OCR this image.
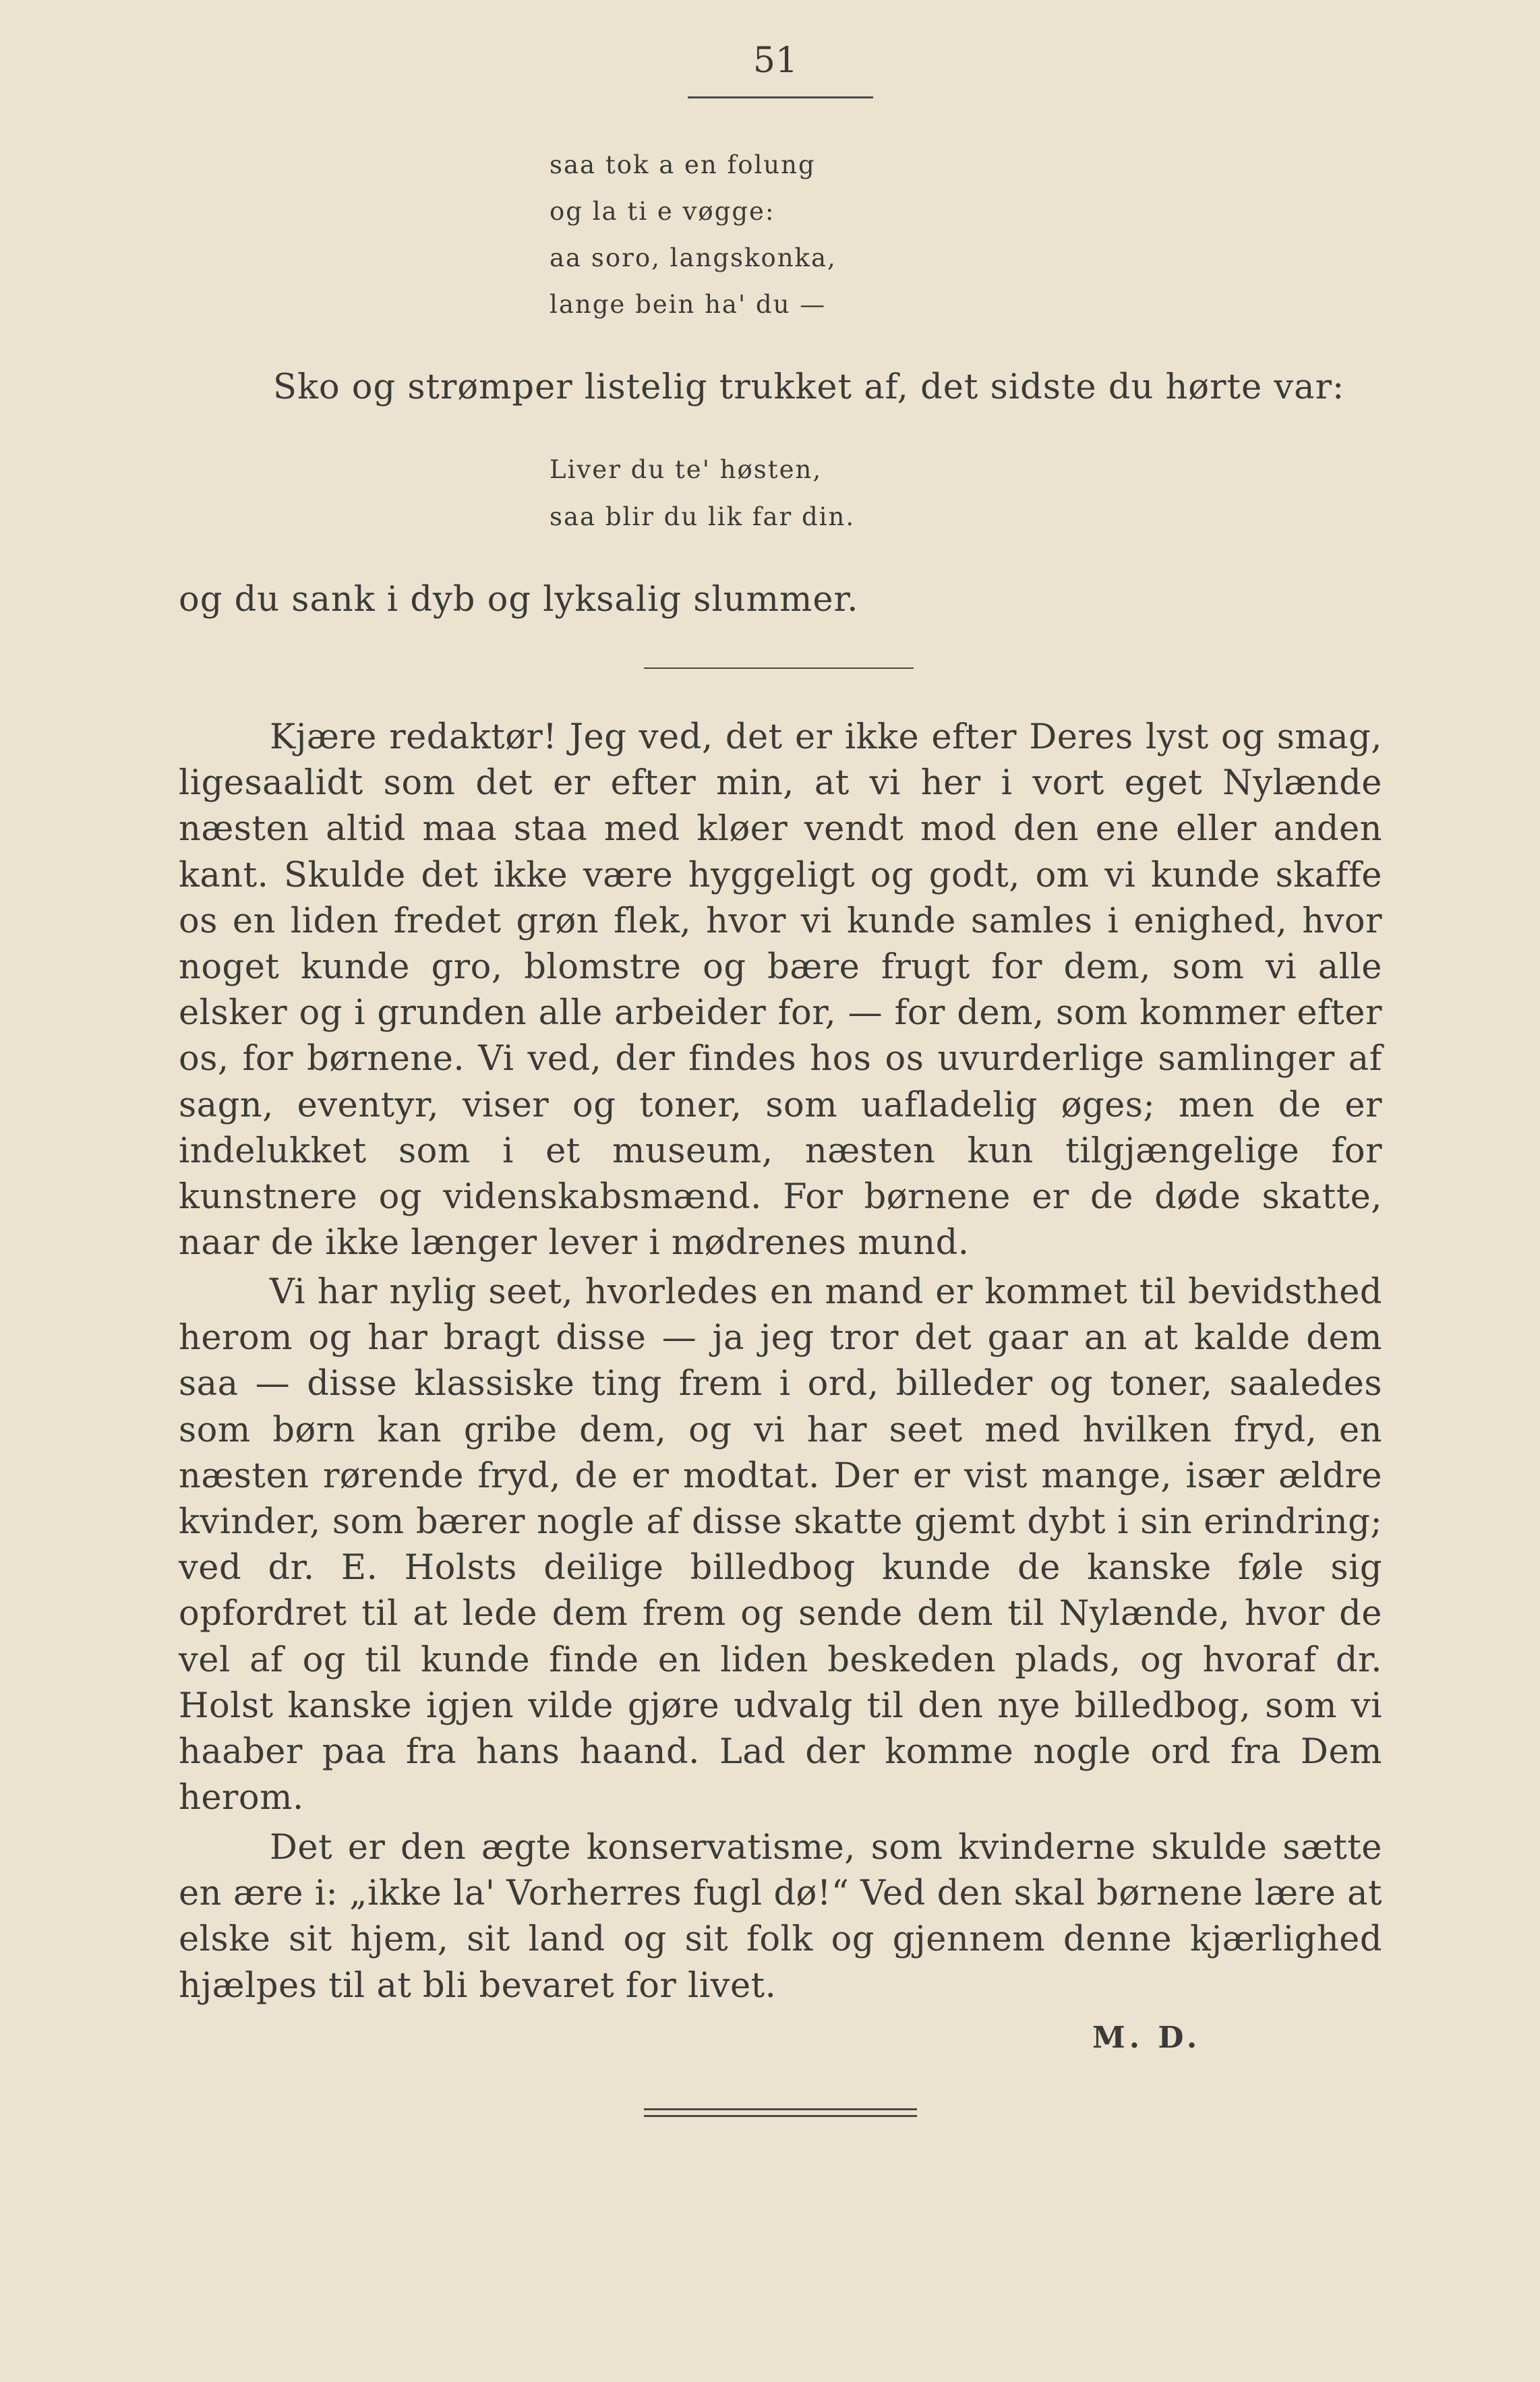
51
saa tok a en folung
og la ti e vøgge:
aa soro, langskonka,
lange bein ha' du —
Sko og strømper listelig trukket af, det sidste du hørte var:
Liver du te' høsten,
saa blir du lik far din.
og du sank i dyb og lyksalig slummer.
Kjære redaktør! Jeg ved, det er ikke efter Deres lyst og smag, ligesaalidt som det er efter min, at vi her i vort eget Nylænde næsten altid maa staa med kløer vendt mod den ene eller anden kant. Skulde det ikke være hyggeligt og godt, om vi kunde skaffe os en liden fredet grøn flek, hvor vi kunde samles i enighed, hvor noget kunde gro, blomstre og bære frugt for dem, som vi alle elsker og i grunden alle arbeider for, — for dem, som kommer efter os, for børnene. Vi ved, der findes hos os uvurderlige samlinger af sagn, eventyr, viser og toner, som uafladelig øges; men de er indelukket som i et museum, næsten kun tilgjængelige for kunstnere og videnskabsmænd. For børnene er de døde skatte, naar de ikke længer lever i mødrenes mund.
Vi har nylig seet, hvorledes en mand er kommet til bevidsthed herom og har bragt disse — ja jeg tror det gaar an at kalde dem saa — disse klassiske ting frem i ord, billeder og toner, saaledes som børn kan gribe dem, og vi har seet med hvilken fryd, en næsten rørende fryd, de er modtat. Der er vist mange, især ældre kvinder, som bærer nogle af disse skatte gjemt dybt i sin erindring; ved dr. E. Holsts deilige billedbog kunde de kanske føle sig opfordret til at lede dem frem og sende dem til Nylænde, hvor de vel af og til kunde finde en liden beskeden plads, og hvoraf dr. Holst kanske igjen vilde gjøre udvalg til den nye billedbog, som vi haaber paa fra hans haand. Lad der komme nogle ord fra Dem herom.
Det er den ægte konservatisme, som kvinderne skulde sætte en ære i: „ikke la' Vorherres fugl dø!“ Ved den skal børnene lære at elske sit hjem, sit land og sit folk og gjennem denne kjærlighed hjælpes til at bli bevaret for livet.
M. D.
